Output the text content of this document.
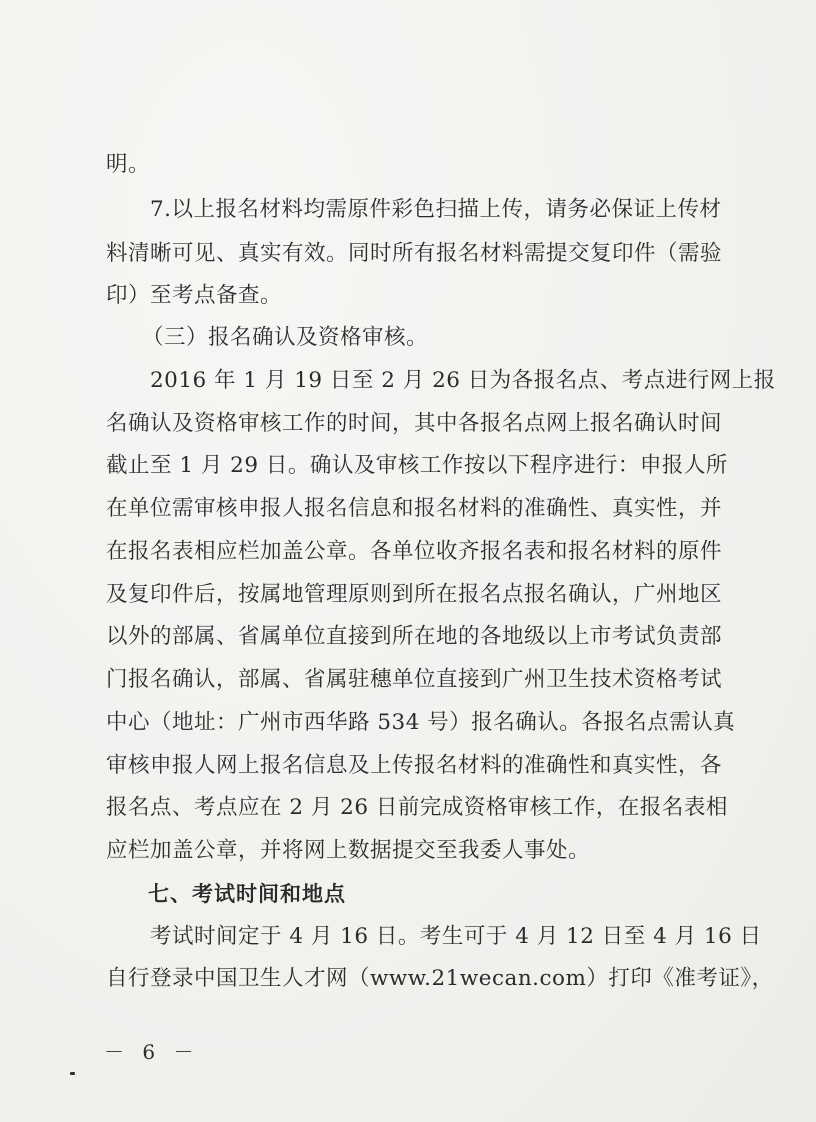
明。
7.以上报名材料均需原件彩色扫描上传，请务必保证上传材
料清晰可见、真实有效。同时所有报名材料需提交复印件（需验
印）至考点备查。
（三）报名确认及资格审核。
2016 年 1 月 19 日至 2 月 26 日为各报名点、考点进行网上报
名确认及资格审核工作的时间，其中各报名点网上报名确认时间
截止至 1 月 29 日。确认及审核工作按以下程序进行：申报人所
在单位需审核申报人报名信息和报名材料的准确性、真实性，并
在报名表相应栏加盖公章。各单位收齐报名表和报名材料的原件
及复印件后，按属地管理原则到所在报名点报名确认，广州地区
以外的部属、省属单位直接到所在地的各地级以上市考试负责部
门报名确认，部属、省属驻穗单位直接到广州卫生技术资格考试
中心（地址：广州市西华路 534 号）报名确认。各报名点需认真
审核申报人网上报名信息及上传报名材料的准确性和真实性，各
报名点、考点应在 2 月 26 日前完成资格审核工作，在报名表相
应栏加盖公章，并将网上数据提交至我委人事处。
七、考试时间和地点
考试时间定于 4 月 16 日。考生可于 4 月 12 日至 4 月 16 日
自行登录中国卫生人才网（www.21wecan.com）打印《准考证》，
－ 6 －
